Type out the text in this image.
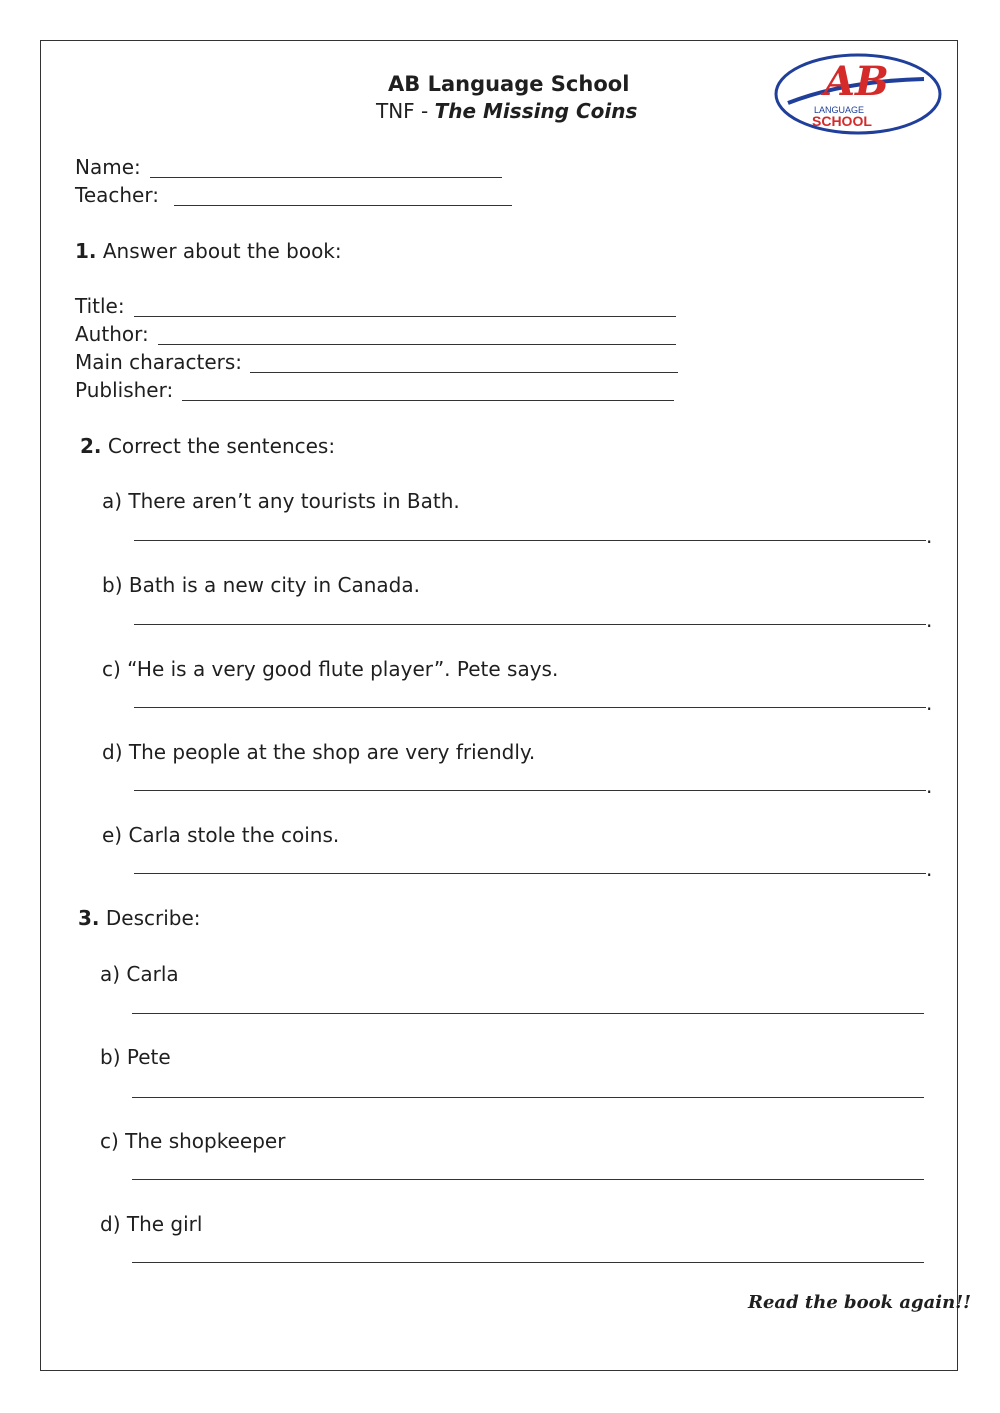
AB Language School
TNF - The Missing Coins
AB
LANGUAGE
SCHOOL
Name:
Teacher:
1. Answer about the book:
Title:
Author:
Main characters:
Publisher:
2. Correct the sentences:
a) There aren’t any tourists in Bath.
.
b) Bath is a new city in Canada.
.
c) “He is a very good flute player”. Pete says.
.
d) The people at the shop are very friendly.
.
e) Carla stole the coins.
.
3. Describe:
a) Carla
b) Pete
c) The shopkeeper
d) The girl
Read the book again!!
